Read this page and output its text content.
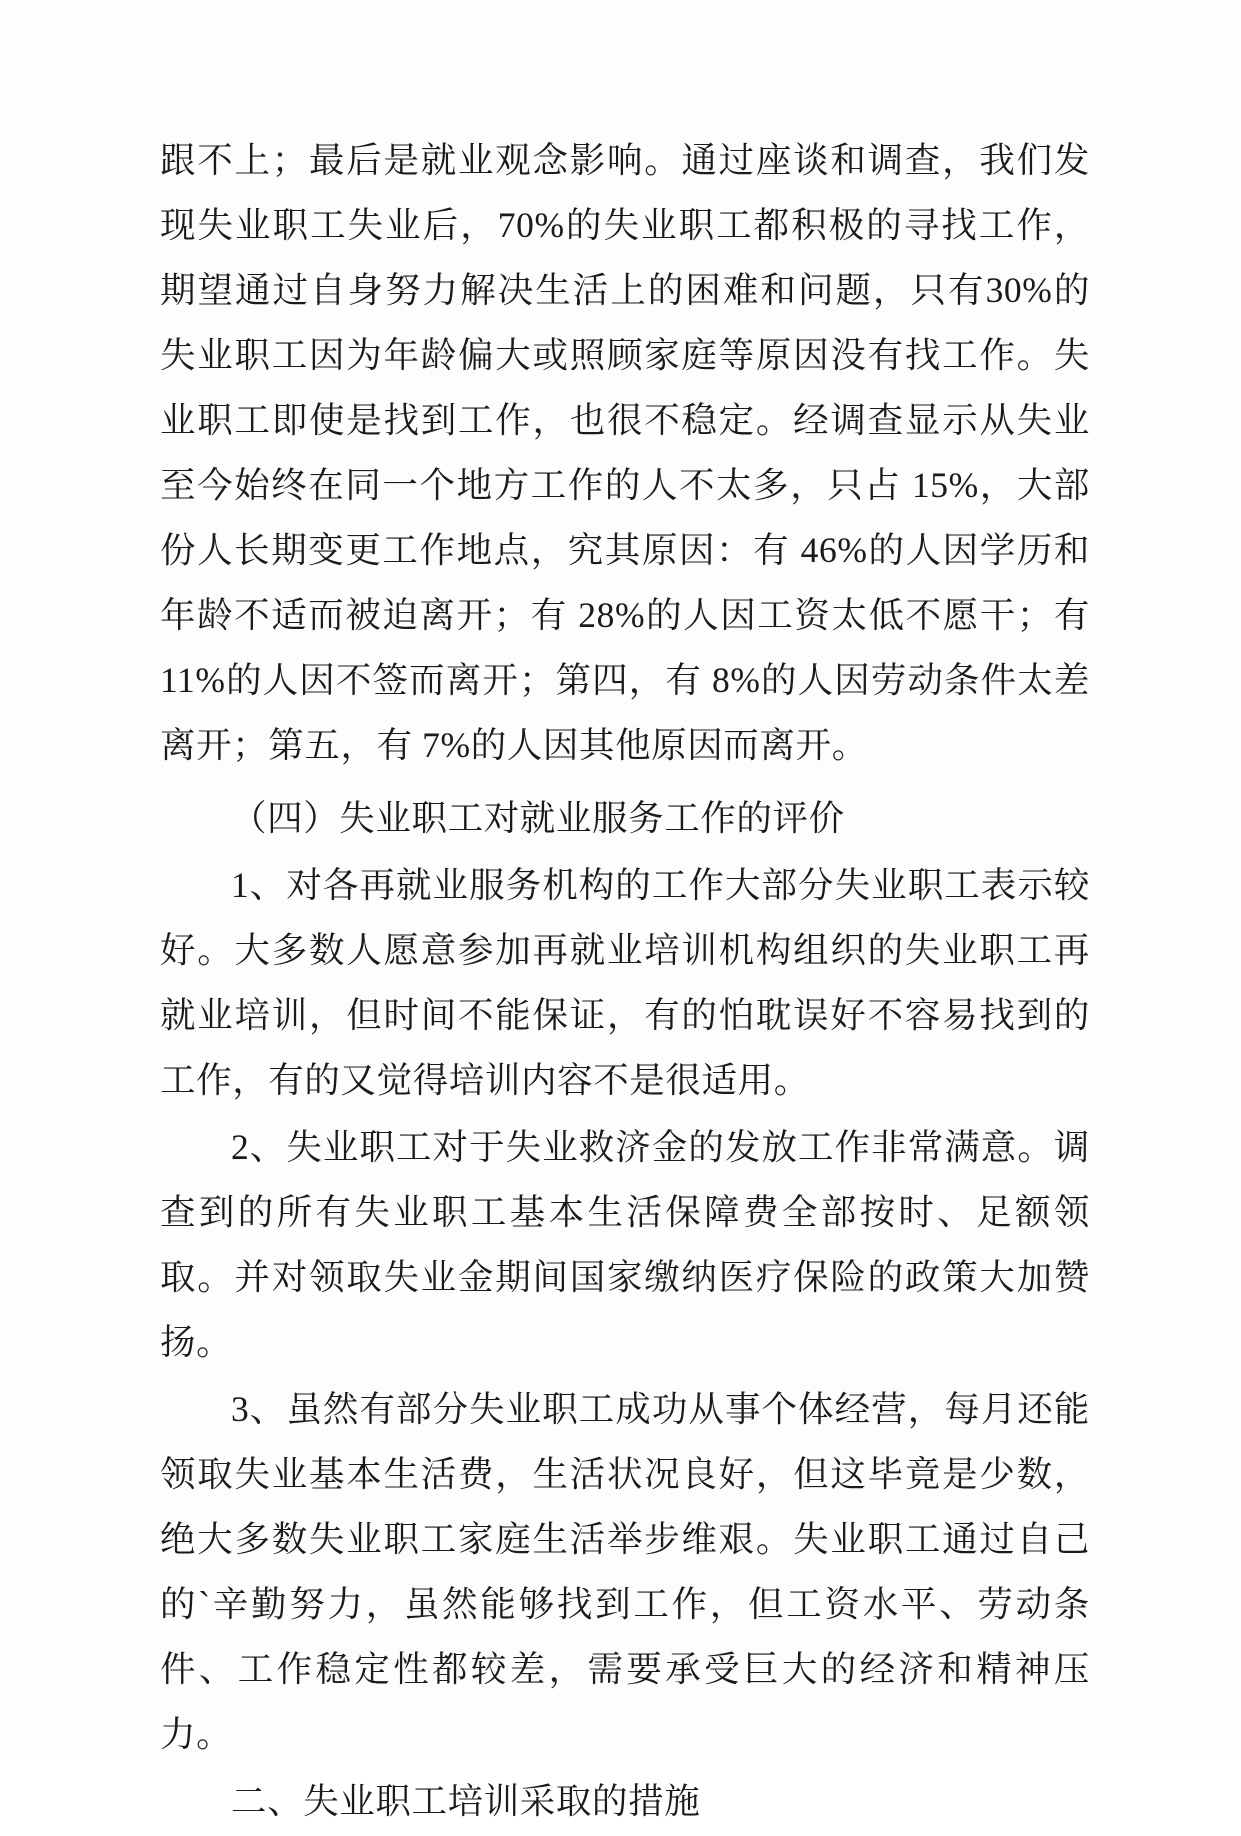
跟不上；最后是就业观念影响。通过座谈和调查，我们发现失业职工失业后，70%的失业职工都积极的寻找工作，期望通过自身努力解决生活上的困难和问题，只有30%的失业职工因为年龄偏大或照顾家庭等原因没有找工作。失业职工即使是找到工作，也很不稳定。经调查显示从失业至今始终在同一个地方工作的人不太多，只占 15%，大部份人长期变更工作地点，究其原因：有 46%的人因学历和年龄不适而被迫离开；有 28%的人因工资太低不愿干；有 11%的人因不签而离开；第四，有 8%的人因劳动条件太差离开；第五，有 7%的人因其他原因而离开。

（四）失业职工对就业服务工作的评价

1、对各再就业服务机构的工作大部分失业职工表示较好。大多数人愿意参加再就业培训机构组织的失业职工再就业培训，但时间不能保证，有的怕耽误好不容易找到的工作，有的又觉得培训内容不是很适用。

2、失业职工对于失业救济金的发放工作非常满意。调查到的所有失业职工基本生活保障费全部按时、足额领取。并对领取失业金期间国家缴纳医疗保险的政策大加赞扬。

3、虽然有部分失业职工成功从事个体经营，每月还能领取失业基本生活费，生活状况良好，但这毕竟是少数，绝大多数失业职工家庭生活举步维艰。失业职工通过自己的`辛勤努力，虽然能够找到工作，但工资水平、劳动条件、工作稳定性都较差，需要承受巨大的经济和精神压力。

二、失业职工培训采取的措施
